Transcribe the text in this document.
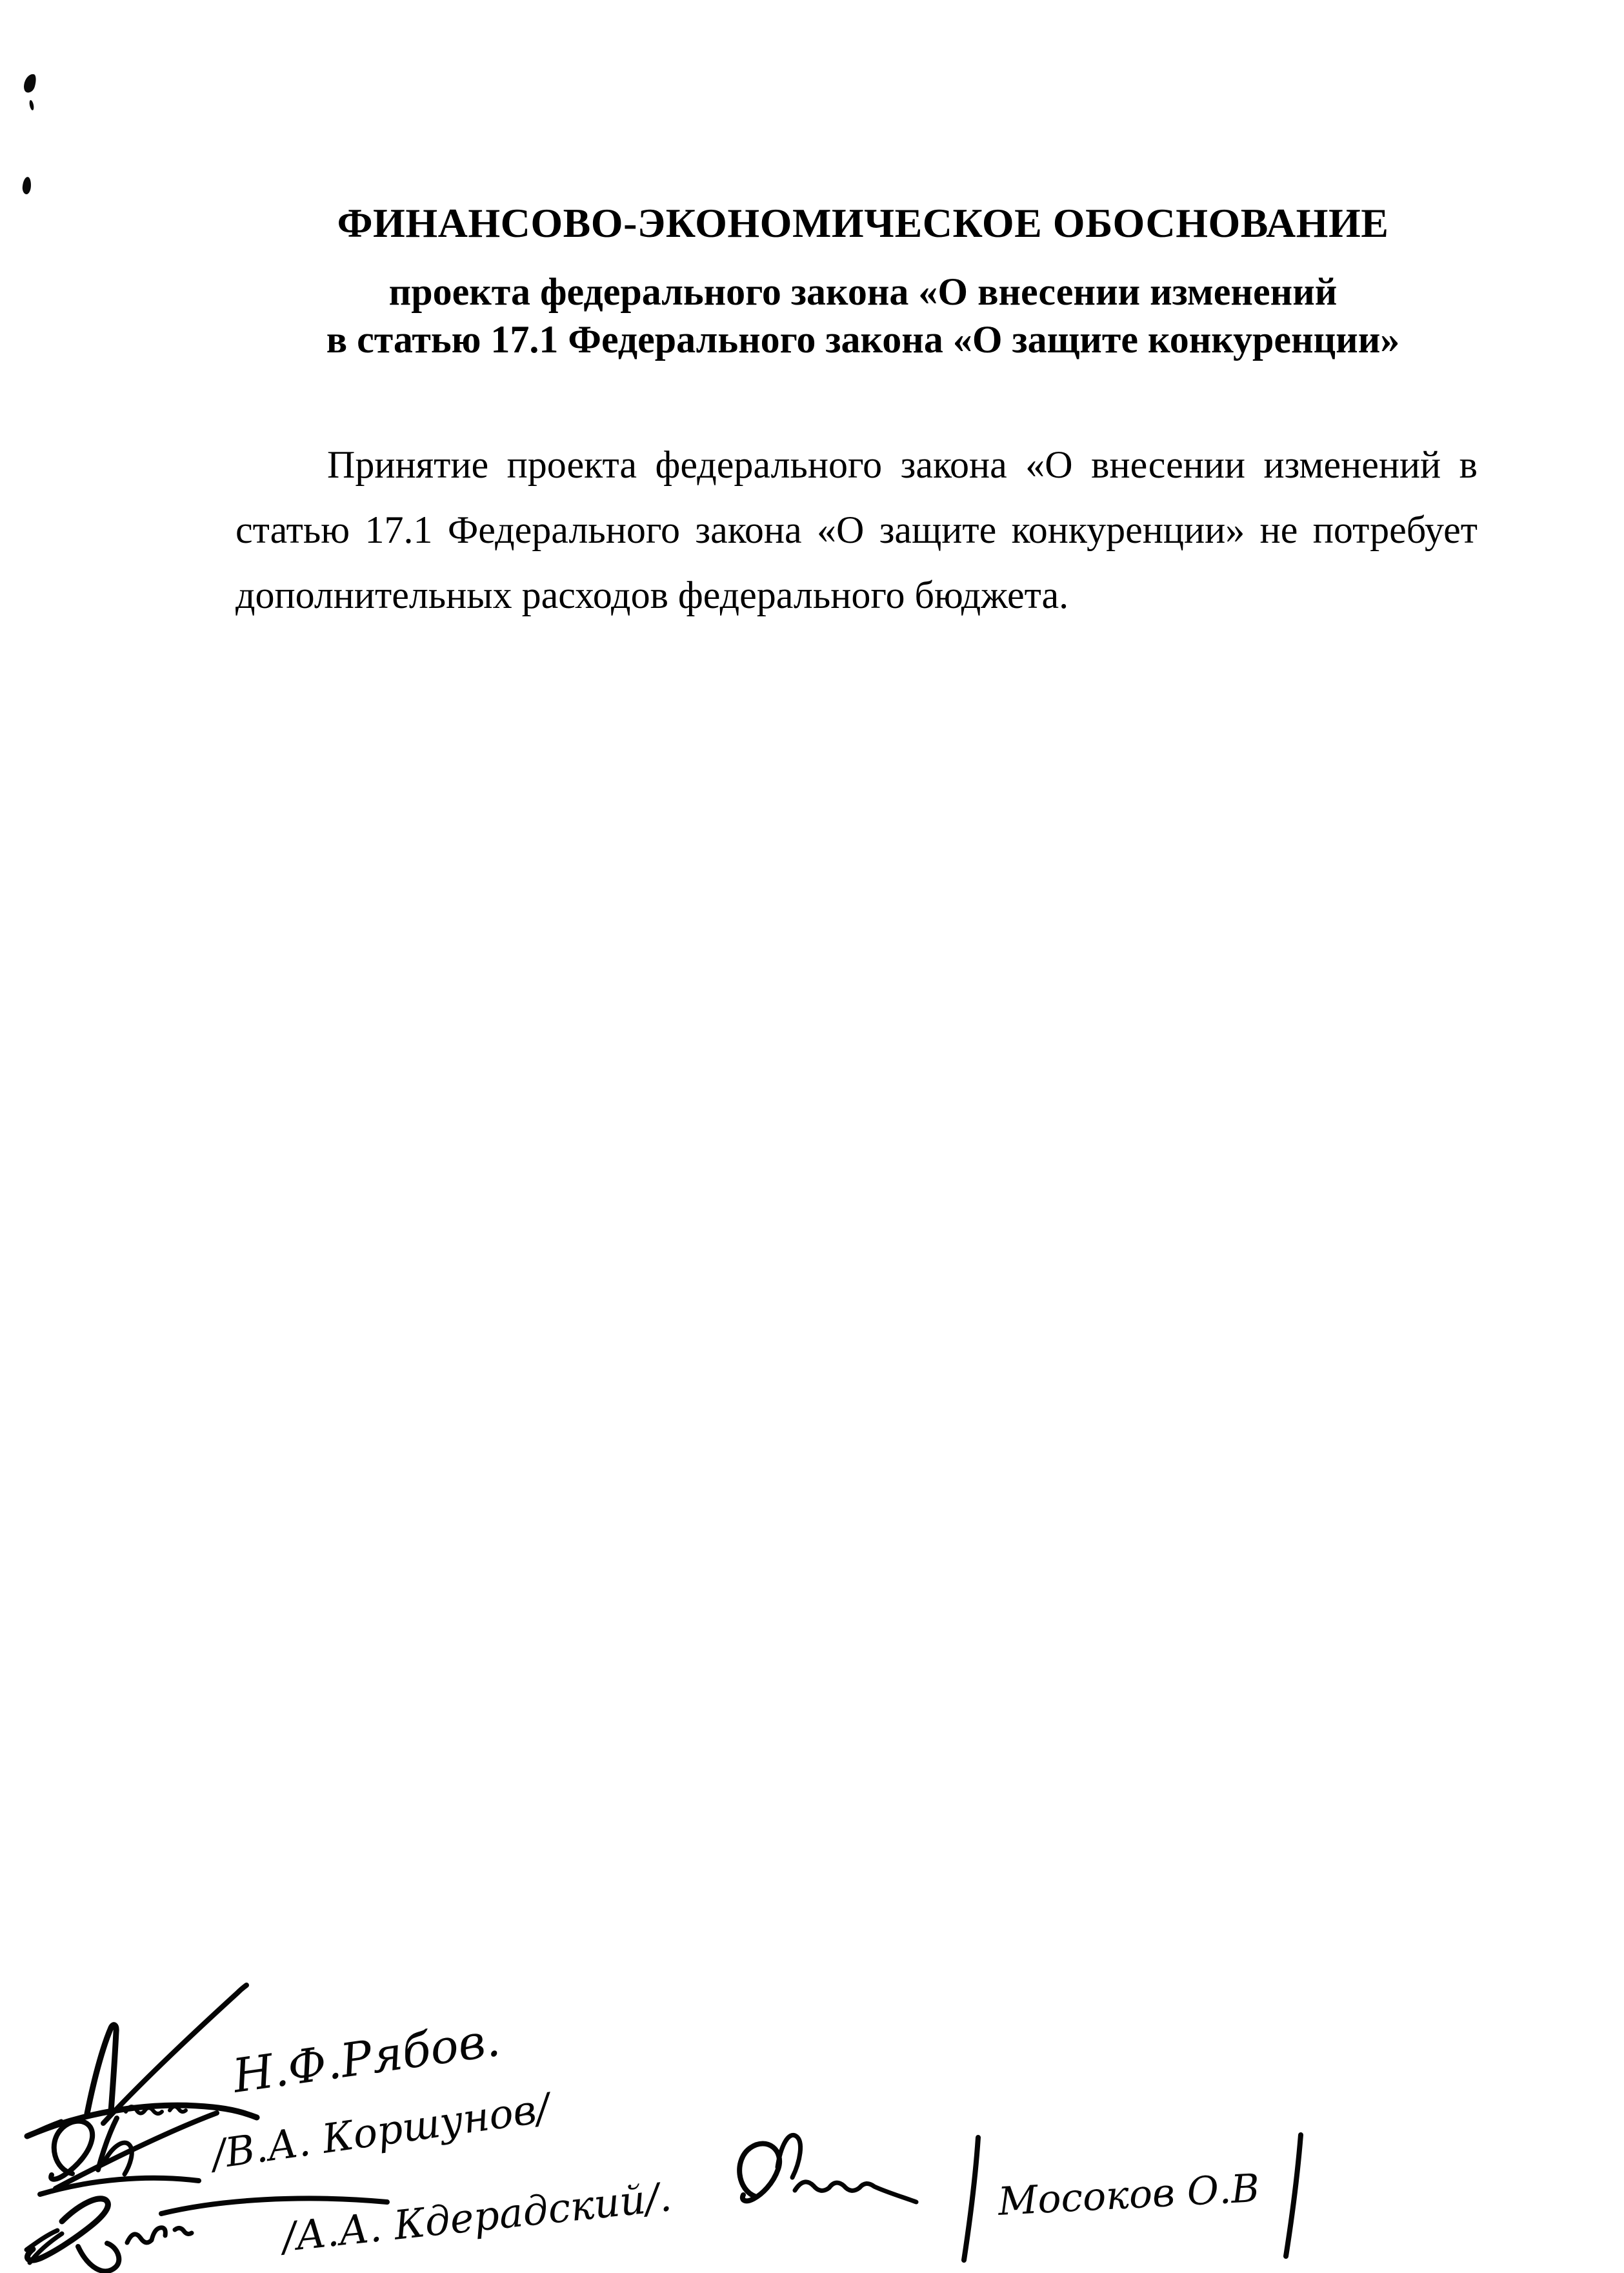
ФИНАНСОВО-ЭКОНОМИЧЕСКОЕ ОБОСНОВАНИЕ
проекта федерального закона «О внесении изменений
в статью 17.1 Федерального закона «О защите конкуренции»
Принятие проекта федерального закона «О внесении изменений в
статью 17.1 Федерального закона «О защите конкуренции» не потребует
дополнительных расходов федерального бюджета.
Н.Ф.Рябов.
/В.А. Коршунов/
/А.А. Кдерадский/.	Мосоков О.В
